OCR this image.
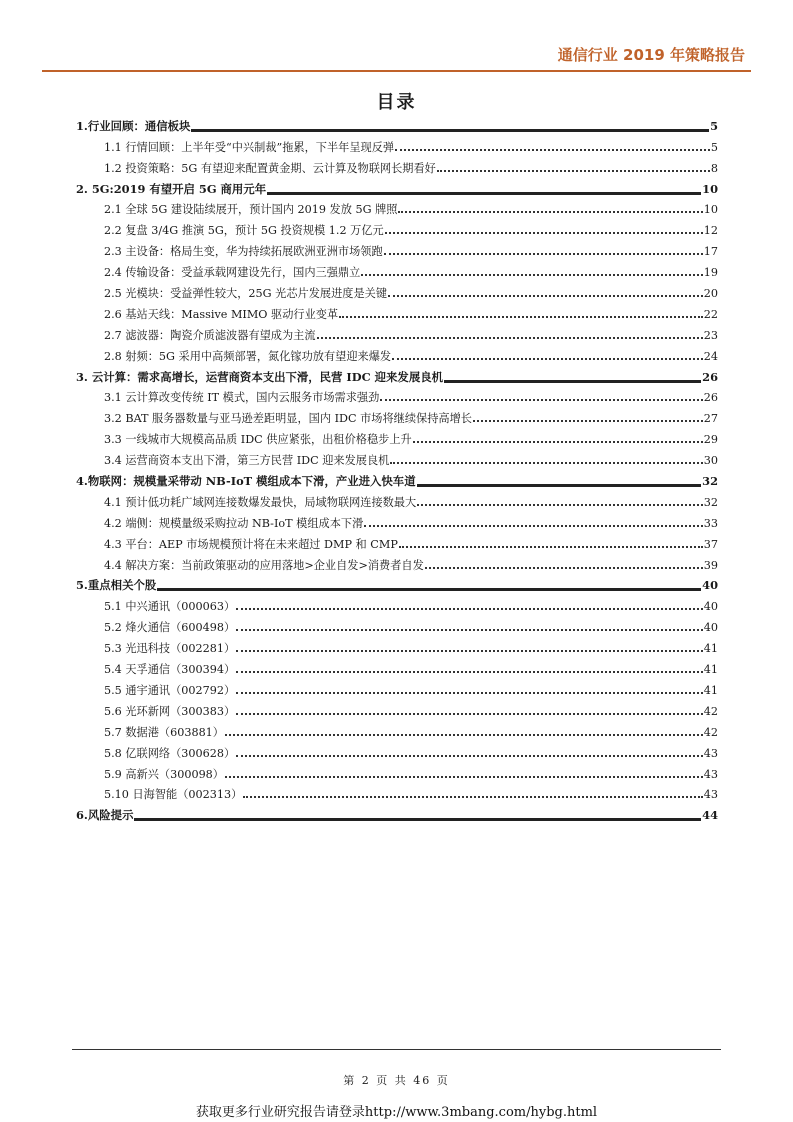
通信行业 2019 年策略报告
目录
1.行业回顾：通信板块	5
1.1 行情回顾：上半年受“中兴制裁”拖累，下半年呈现反弹	5
1.2 投资策略：5G 有望迎来配置黄金期、云计算及物联网长期看好	8
2. 5G:2019 有望开启 5G 商用元年	10
2.1 全球 5G 建设陆续展开，预计国内 2019 发放 5G 牌照	10
2.2 复盘 3/4G 推演 5G，预计 5G 投资规模 1.2 万亿元	12
2.3 主设备：格局生变，华为持续拓展欧洲亚洲市场领跑	17
2.4 传输设备：受益承载网建设先行，国内三强鼎立	19
2.5 光模块：受益弹性较大，25G 光芯片发展进度是关键	20
2.6 基站天线：Massive MIMO 驱动行业变革	22
2.7 滤波器：陶瓷介质滤波器有望成为主流	23
2.8 射频：5G 采用中高频部署，氮化镓功放有望迎来爆发	24
3. 云计算：需求高增长，运营商资本支出下滑，民营 IDC 迎来发展良机	26
3.1 云计算改变传统 IT 模式，国内云服务市场需求强劲	26
3.2 BAT 服务器数量与亚马逊差距明显，国内 IDC 市场将继续保持高增长	27
3.3 一线城市大规模高品质 IDC 供应紧张，出租价格稳步上升	29
3.4 运营商资本支出下滑，第三方民营 IDC 迎来发展良机	30
4.物联网：规模量采带动 NB-IoT 模组成本下滑，产业进入快车道	32
4.1 预计低功耗广域网连接数爆发最快，局域物联网连接数最大	32
4.2 端侧：规模量级采购拉动 NB-IoT 模组成本下滑	33
4.3 平台：AEP 市场规模预计将在未来超过 DMP 和 CMP	37
4.4 解决方案：当前政策驱动的应用落地>企业自发>消费者自发	39
5.重点相关个股	40
5.1 中兴通讯（000063）	40
5.2 烽火通信（600498）	40
5.3 光迅科技（002281）	41
5.4 天孚通信（300394）	41
5.5 通宇通讯（002792）	41
5.6 光环新网（300383）	42
5.7 数据港（603881）	42
5.8 亿联网络（300628）	43
5.9 高新兴（300098）	43
5.10 日海智能（002313）	43
6.风险提示	44
第 2 页 共 46 页
获取更多行业研究报告请登录http://www.3mbang.com/hybg.html
